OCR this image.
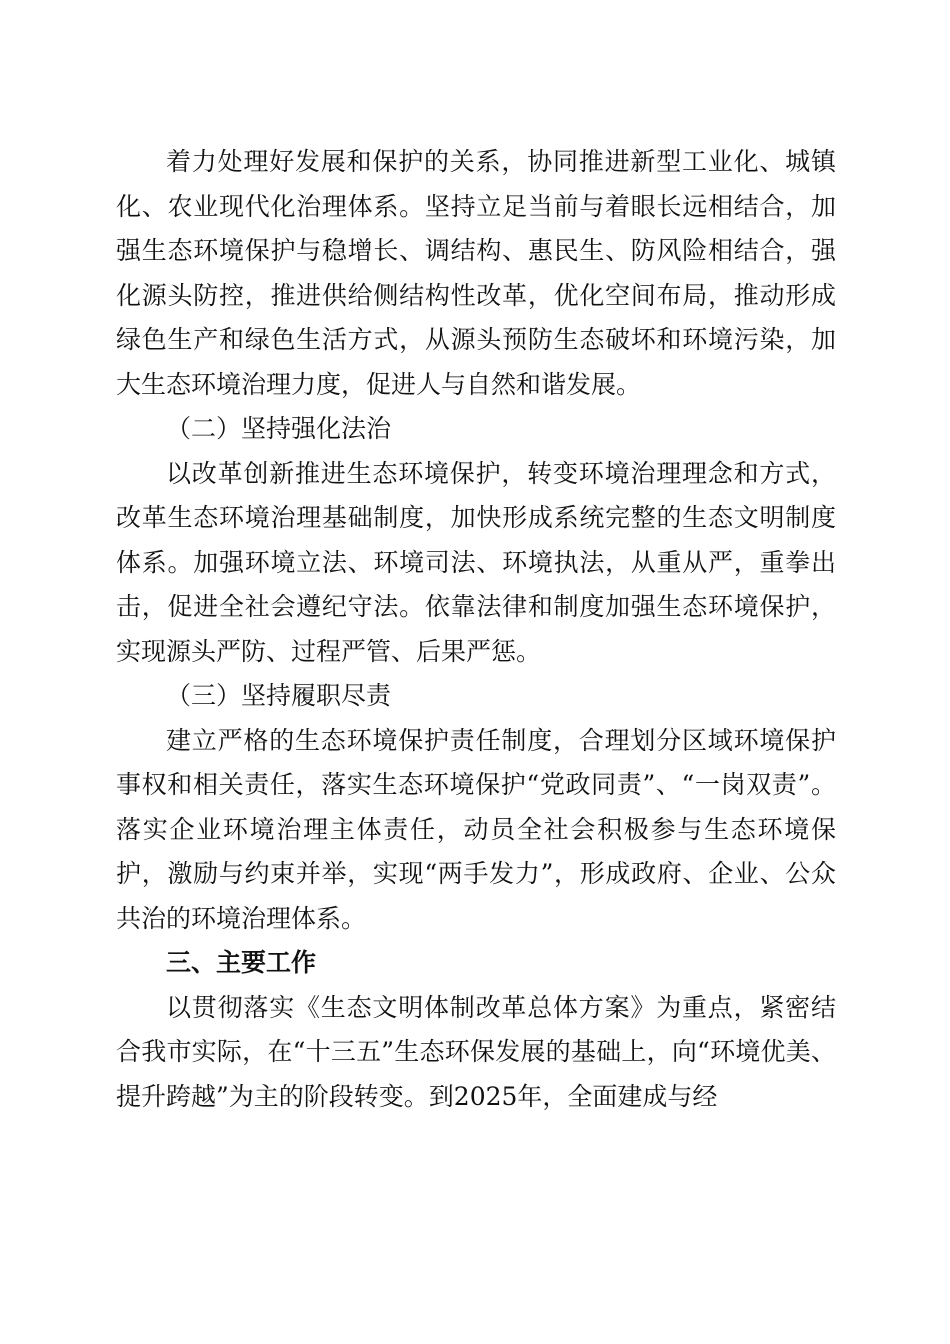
着力处理好发展和保护的关系，协同推进新型工业化、城镇化、农业现代化治理体系。坚持立足当前与着眼长远相结合，加强生态环境保护与稳增长、调结构、惠民生、防风险相结合，强化源头防控，推进供给侧结构性改革，优化空间布局，推动形成绿色生产和绿色生活方式，从源头预防生态破坏和环境污染，加大生态环境治理力度，促进人与自然和谐发展。

（二）坚持强化法治

以改革创新推进生态环境保护，转变环境治理理念和方式，改革生态环境治理基础制度，加快形成系统完整的生态文明制度体系。加强环境立法、环境司法、环境执法，从重从严，重拳出击，促进全社会遵纪守法。依靠法律和制度加强生态环境保护，实现源头严防、过程严管、后果严惩。

（三）坚持履职尽责

建立严格的生态环境保护责任制度，合理划分区域环境保护事权和相关责任，落实生态环境保护“党政同责”、“一岗双责”。落实企业环境治理主体责任，动员全社会积极参与生态环境保护，激励与约束并举，实现“两手发力”，形成政府、企业、公众共治的环境治理体系。

三、主要工作

以贯彻落实《生态文明体制改革总体方案》为重点，紧密结合我市实际，在“十三五”生态环保发展的基础上，向“环境优美、提升跨越”为主的阶段转变。到2025年，全面建成与经
